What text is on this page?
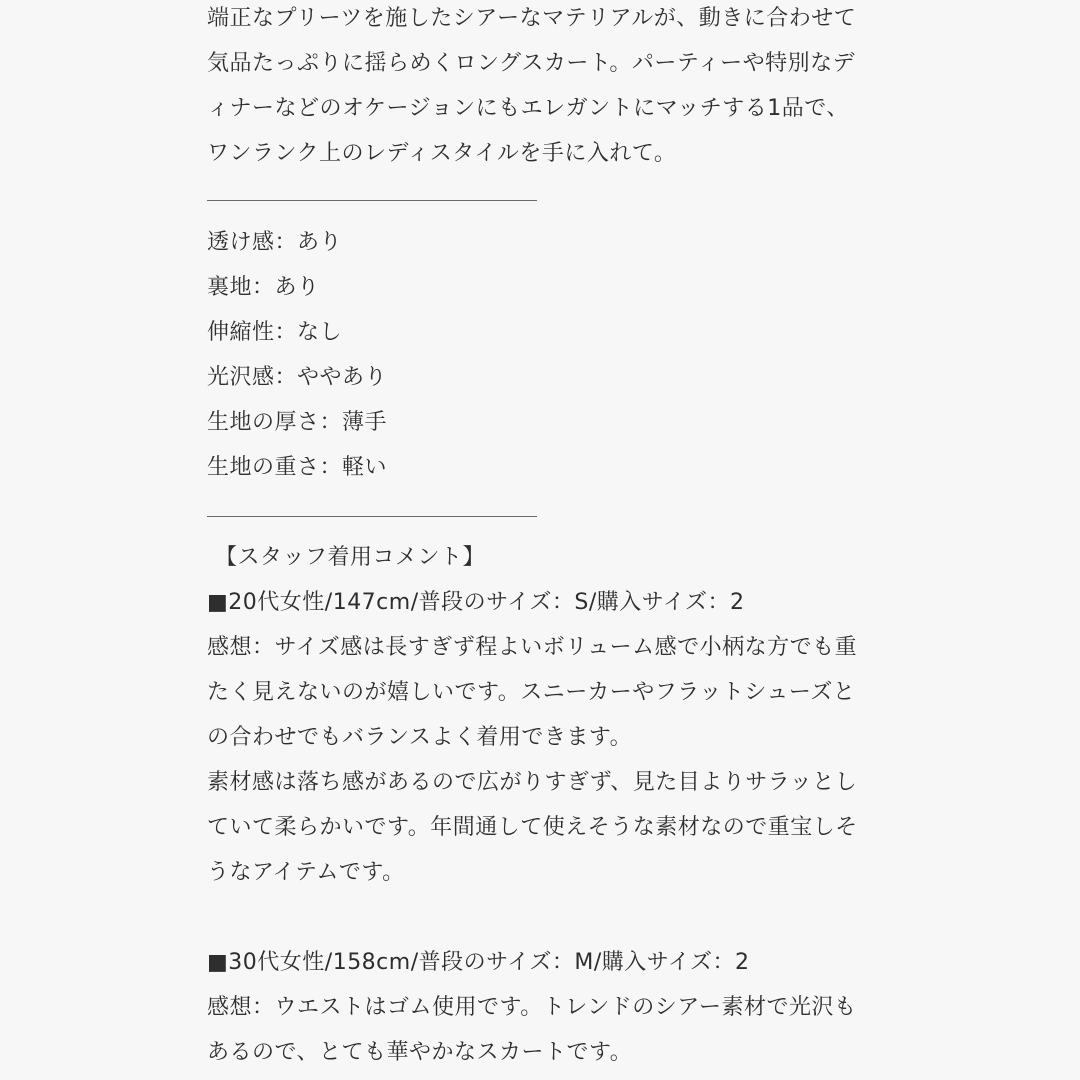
端正なプリーツを施したシアーなマテリアルが、動きに合わせて
気品たっぷりに揺らめくロングスカート。パーティーや特別なデ
ィナーなどのオケージョンにもエレガントにマッチする1品で、
ワンランク上のレディスタイルを手に入れて。
透け感：あり
裏地：あり
伸縮性：なし
光沢感：ややあり
生地の厚さ：薄手
生地の重さ：軽い
【スタッフ着用コメント】
■20代女性/147cm/普段のサイズ：S/購入サイズ：2
感想：サイズ感は長すぎず程よいボリューム感で小柄な方でも重
たく見えないのが嬉しいです。スニーカーやフラットシューズと
の合わせでもバランスよく着用できます。
素材感は落ち感があるので広がりすぎず、見た目よりサラッとし
ていて柔らかいです。年間通して使えそうな素材なので重宝しそ
うなアイテムです。
■30代女性/158cm/普段のサイズ：M/購入サイズ：2
感想：ウエストはゴム使用です。トレンドのシアー素材で光沢も
あるので、とても華やかなスカートです。
